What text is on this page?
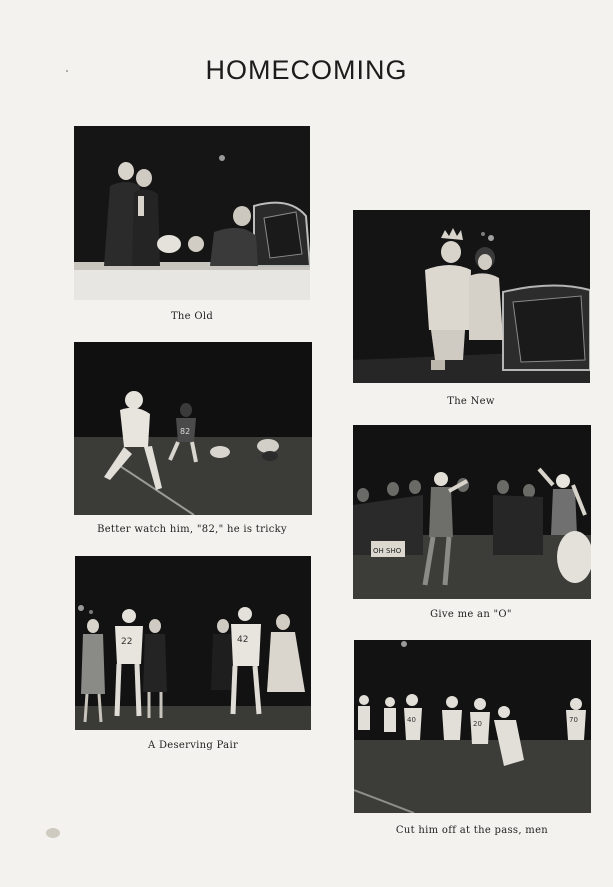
HOMECOMING
The Old
The New
82
Better watch him, "82," he is tricky
OH SHO
Give me an "O"
22	42
A Deserving Pair
40	20	70
Cut him off at the pass, men
